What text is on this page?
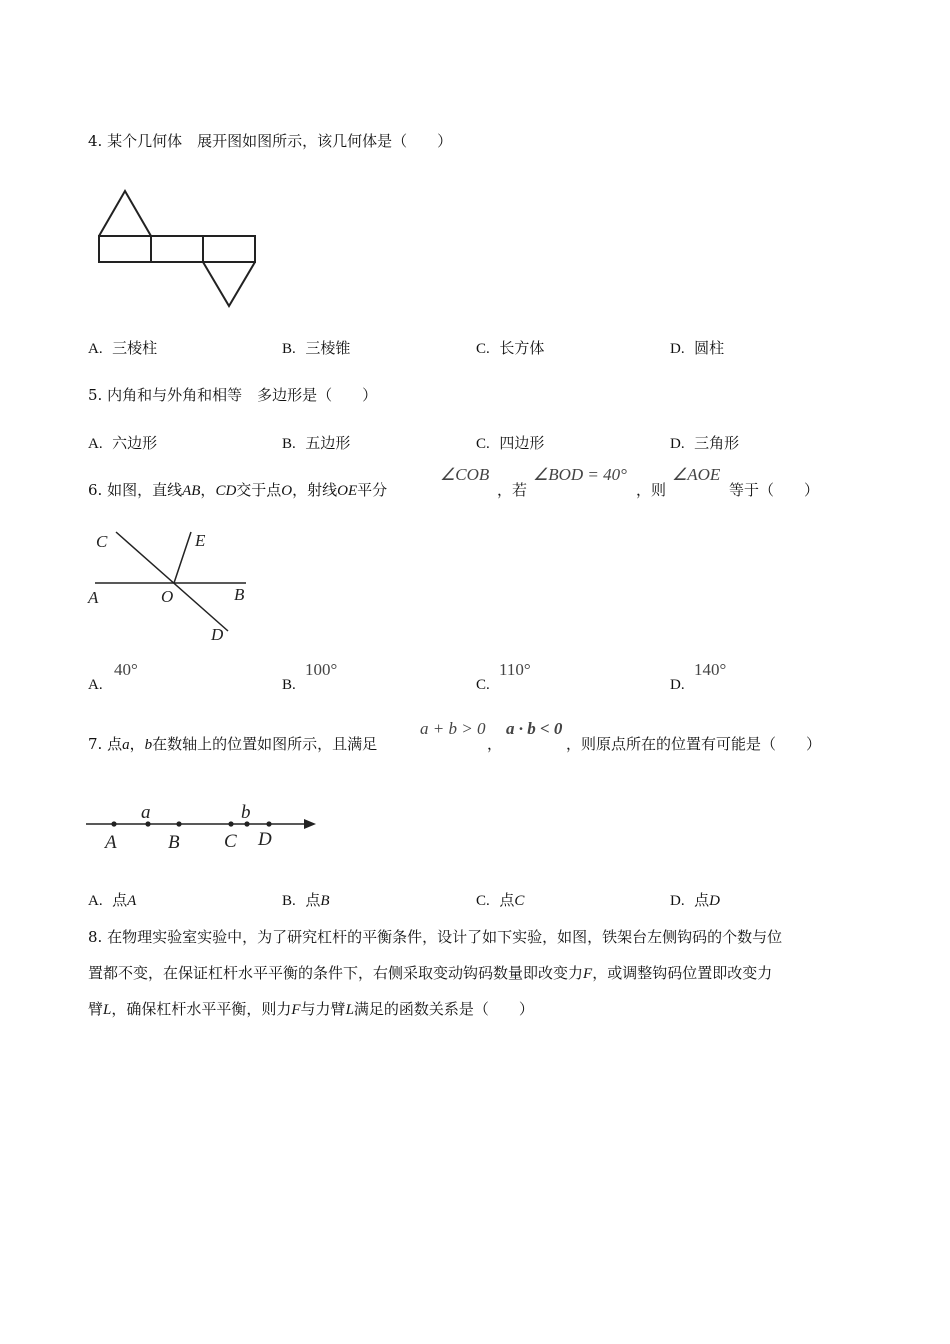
4. 某个几何体　展开图如图所示，该几何体是（　　）
A. 三棱柱	B. 三棱锥	C. 长方体	D. 圆柱
5. 内角和与外角和相等　多边形是（　　）
A. 六边形	B. 五边形	C. 四边形	D. 三角形
6. 如图，直线AB，CD交于点O，射线OE平分
∠COB
，若
∠BOD = 40°
，则
∠AOE
等于（　　）
C	E
A	O	B
D
A.
40°
B.
100°
C.
110°
D.
140°
7. 点a，b在数轴上的位置如图所示，且满足
a + b > 0
，
a · b < 0
，则原点所在的位置有可能是（　　）
a	b
A	B C D
A. 点A	B. 点B	C. 点C	D. 点D
8. 在物理实验室实验中，为了研究杠杆的平衡条件，设计了如下实验，如图，铁架台左侧钩码的个数与位
置都不变，在保证杠杆水平平衡的条件下，右侧采取变动钩码数量即改变力F，或调整钩码位置即改变力
臂L，确保杠杆水平平衡，则力F与力臂L满足的函数关系是（　　）
